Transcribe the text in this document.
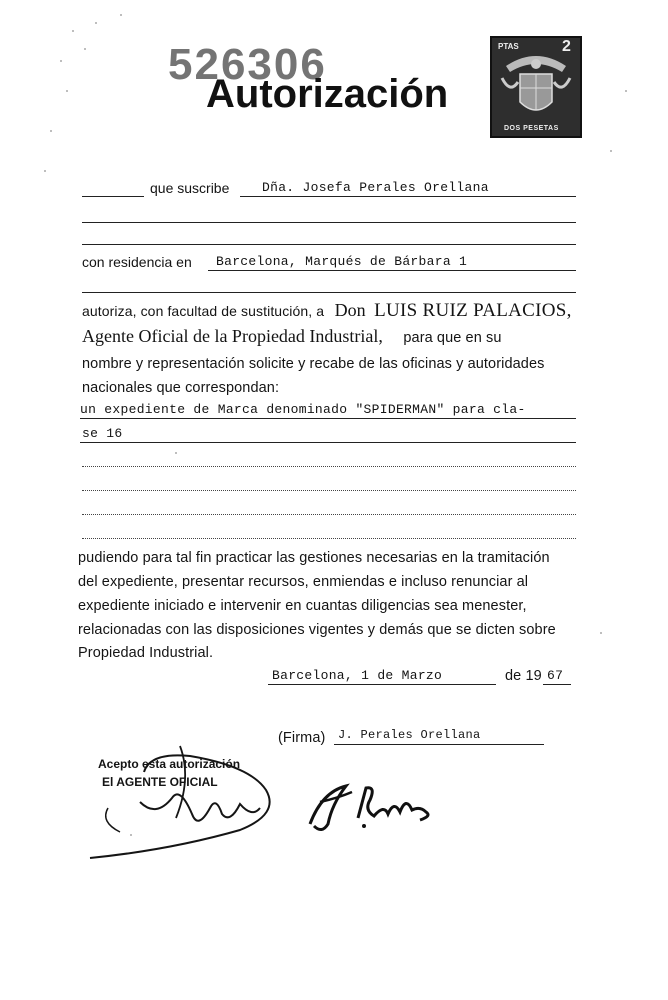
526306
Autorización
PTAS	2
DOS PESETAS
que suscribe	Dña. Josefa Perales Orellana
con residencia en Barcelona, Marqués de Bárbara 1
autoriza, con facultad de sustitución, a Don LUIS RUIZ PALACIOS,
Agente Oficial de la Propiedad Industrial, para que en su
nombre y representación solicite y recabe de las oficinas y autoridades
nacionales que correspondan:
un expediente de Marca denominado "SPIDERMAN" para cla-
se 16
pudiendo para tal fin practicar las gestiones necesarias en la tramitación
del expediente, presentar recursos, enmiendas e incluso renunciar al
expediente iniciado e intervenir en cuantas diligencias sea menester,
relacionadas con las disposiciones vigentes y demás que se dicten sobre
Propiedad Industrial.
Barcelona, 1 de Marzo	de 19 67
(Firma) J. Perales Orellana
Acepto esta autorización
El AGENTE OFICIAL
